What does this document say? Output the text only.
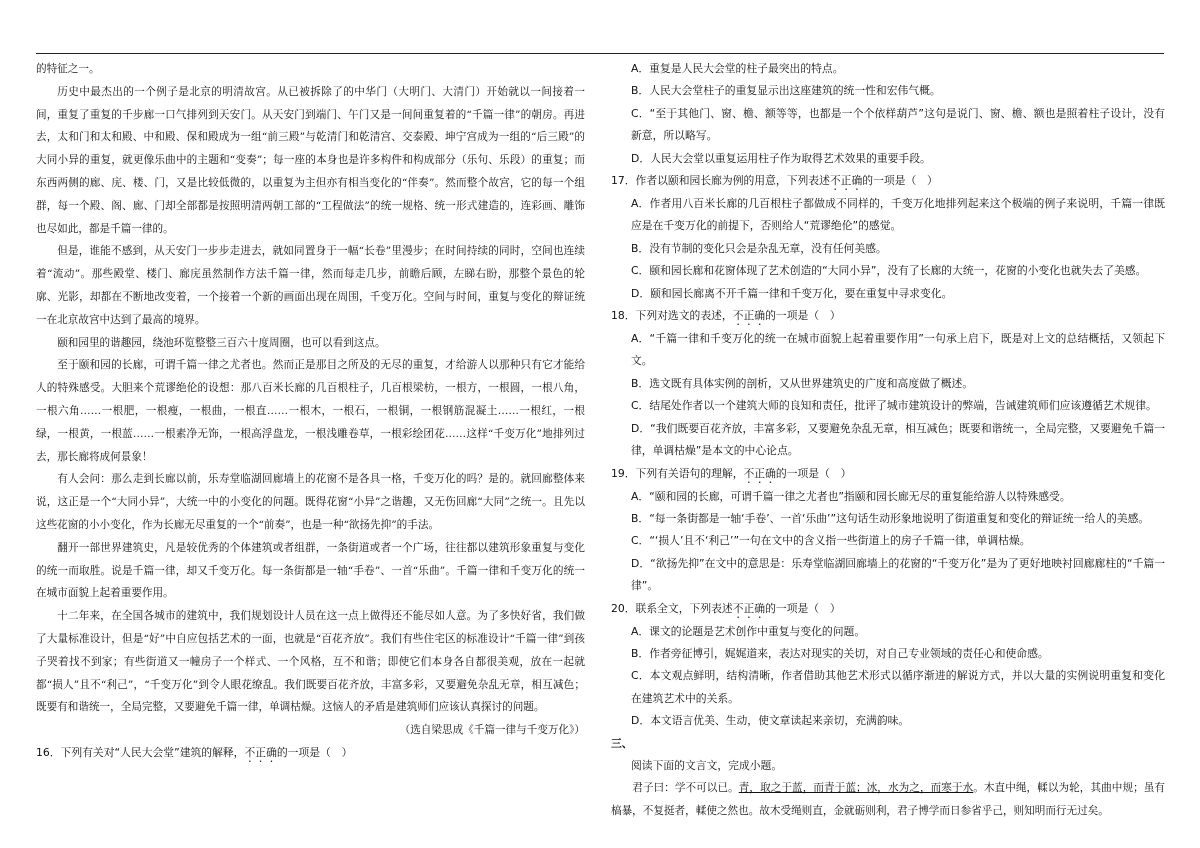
的特征之一。

历史中最杰出的一个例子是北京的明清故宫。从已被拆除了的中华门（大明门、大清门）开始就以一间接着一间，重复了重复的千步廊一口气排列到天安门。从天安门到端门、午门又是一间间重复着的“千篇一律”的朝房。再进去，太和门和太和殿、中和殿、保和殿成为一组“前三殿”与乾清门和乾清宫、交泰殿、坤宁宫成为一组的“后三殿”的大同小异的重复，就更像乐曲中的主题和“变奏”；每一座的本身也是许多构件和构成部分（乐句、乐段）的重复；而东西两侧的廊、庑、楼、门，又是比较低微的，以重复为主但亦有相当变化的“伴奏”。然而整个故宫，它的每一个组群，每一个殿、阁、廊、门却全部都是按照明清两朝工部的“工程做法”的统一规格、统一形式建造的，连彩画、雕饰也尽如此，都是千篇一律的。

但是，谁能不感到，从天安门一步步走进去，就如同置身于一幅“长卷”里漫步；在时间持续的同时，空间也连续着“流动”。那些殿堂、楼门、廊庑虽然制作方法千篇一律，然而每走几步，前瞻后顾，左睇右盼，那整个景色的轮廓、光影，却都在不断地改变着，一个接着一个新的画面出现在周围，千变万化。空间与时间，重复与变化的辩证统一在北京故宫中达到了最高的境界。

颐和园里的谐趣园，绕池环览整整三百六十度周圈，也可以看到这点。

至于颐和园的长廊，可谓千篇一律之尤者也。然而正是那目之所及的无尽的重复，才给游人以那种只有它才能给人的特殊感受。大胆来个荒谬绝伦的设想：那八百米长廊的几百根柱子，几百根梁枋，一根方，一根圆，一根八角，一根六角……一根肥，一根瘦，一根曲，一根直……一根木，一根石，一根铜，一根钢筋混凝土……一根红，一根绿，一根黄，一根蓝……一根素净无饰，一根高浮盘龙，一根浅雕卷草，一根彩绘团花……这样“千变万化”地排列过去，那长廊将成何景象！

有人会问：那么走到长廊以前，乐寿堂临湖回廊墙上的花窗不是各具一格，千变万化的吗？是的。就回廊整体来说，这正是一个“大同小异”，大统一中的小变化的问题。既得花窗“小异”之谐趣，又无伤回廊“大同”之统一。且先以这些花窗的小小变化，作为长廊无尽重复的一个“前奏”，也是一种“欲扬先抑”的手法。

翻开一部世界建筑史，凡是较优秀的个体建筑或者组群，一条街道或者一个广场，往往都以建筑形象重复与变化的统一而取胜。说是千篇一律，却又千变万化。每一条街都是一轴“手卷”、一首“乐曲”。千篇一律和千变万化的统一在城市面貌上起着重要作用。

十二年来，在全国各城市的建筑中，我们规划设计人员在这一点上做得还不能尽如人意。为了多快好省，我们做了大量标准设计，但是“好”中自应包括艺术的一面，也就是“百花齐放”。我们有些住宅区的标准设计“千篇一律”到孩子哭着找不到家；有些街道又一幢房子一个样式、一个风格，互不和谐；即使它们本身各自都很美观，放在一起就都“损人”且不“利己”，“千变万化”到令人眼花缭乱。我们既要百花齐放，丰富多彩，又要避免杂乱无章，相互减色；既要有和谐统一，全局完整，又要避免千篇一律，单调枯燥。这恼人的矛盾是建筑师们应该认真探讨的问题。

（选自梁思成《千篇一律与千变万化》）

16．下列有关对“人民大会堂”建筑的解释，不正确的一项是（　）

A．重复是人民大会堂的柱子最突出的特点。

B．人民大会堂柱子的重复显示出这座建筑的统一性和宏伟气概。

C．“至于其他门、窗、檐、额等等，也都是一个个依样葫芦”这句是说门、窗、檐、额也是照着柱子设计，没有新意，所以略写。

D．人民大会堂以重复运用柱子作为取得艺术效果的重要手段。

17．作者以颐和园长廊为例的用意，下列表述不正确的一项是（　）

A．作者用八百米长廊的几百根柱子都做成不同样的，千变万化地排列起来这个极端的例子来说明，千篇一律既应是在千变万化的前提下，否则给人“荒谬绝伦”的感觉。

B．没有节制的变化只会是杂乱无章，没有任何美感。

C．颐和园长廊和花窗体现了艺术创造的“大同小异”，没有了长廊的大统一，花窗的小变化也就失去了美感。

D．颐和园长廊离不开千篇一律和千变万化，要在重复中寻求变化。

18．下列对选文的表述，不正确的一项是（　）

A．“千篇一律和千变万化的统一在城市面貌上起着重要作用”一句承上启下，既是对上文的总结概括，又领起下文。

B．选文既有具体实例的剖析，又从世界建筑史的广度和高度做了概述。

C．结尾处作者以一个建筑大师的良知和责任，批评了城市建筑设计的弊端，告诫建筑师们应该遵循艺术规律。

D．“我们既要百花齐放，丰富多彩，又要避免杂乱无章，相互减色；既要和谐统一，全局完整，又要避免千篇一律，单调枯燥”是本文的中心论点。

19．下列有关语句的理解，不正确的一项是（　）

A．“颐和园的长廊，可谓千篇一律之尤者也”指颐和园长廊无尽的重复能给游人以特殊感受。

B．“每一条街都是一轴‘手卷’、一首‘乐曲’”这句话生动形象地说明了街道重复和变化的辩证统一给人的美感。

C．“‘损人’且不‘利己’”一句在文中的含义指一些街道上的房子千篇一律，单调枯燥。

D．“欲扬先抑”在文中的意思是：乐寿堂临湖回廊墙上的花窗的“千变万化”是为了更好地映衬回廊廊柱的“千篇一律”。

20．联系全文，下列表述不正确的一项是（　）

A．课文的论题是艺术创作中重复与变化的问题。

B．作者旁征博引，娓娓道来，表达对现实的关切，对自己专业领域的责任心和使命感。

C．本文观点鲜明，结构清晰，作者借助其他艺术形式以循序渐进的解说方式，并以大量的实例说明重复和变化在建筑艺术中的关系。

D．本文语言优美、生动，使文章读起来亲切，充满韵味。

三、

阅读下面的文言文，完成小题。

君子曰：学不可以已。青，取之于蓝，而青于蓝；冰，水为之，而寒于水。木直中绳，輮以为轮，其曲中规；虽有槁暴，不复挺者，輮使之然也。故木受绳则直，金就砺则利，君子博学而日参省乎己，则知明而行无过矣。
